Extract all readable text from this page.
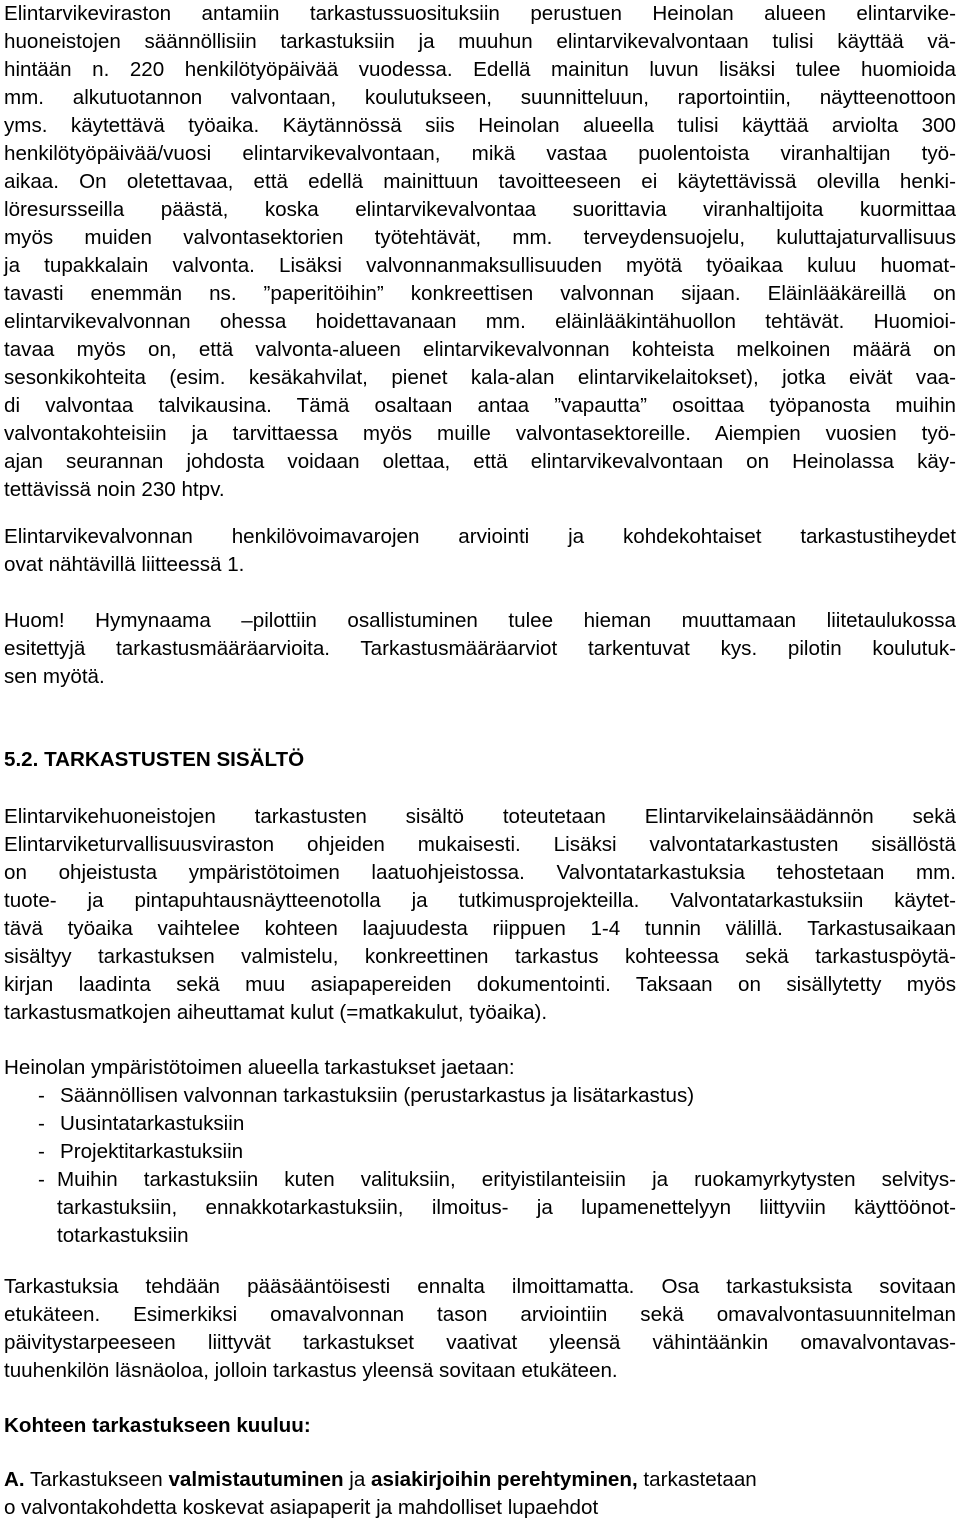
Elintarvikeviraston antamiin tarkastussuosituksiin perustuen Heinolan alueen elintarvike-
huoneistojen säännöllisiin tarkastuksiin ja muuhun elintarvikevalvontaan tulisi käyttää vä-
hintään n. 220 henkilötyöpäivää vuodessa. Edellä mainitun luvun lisäksi tulee huomioida
mm. alkutuotannon valvontaan, koulutukseen, suunnitteluun, raportointiin, näytteenottoon
yms. käytettävä työaika. Käytännössä siis Heinolan alueella tulisi käyttää arviolta 300
henkilötyöpäivää/vuosi elintarvikevalvontaan, mikä vastaa puolentoista viranhaltijan työ-
aikaa. On oletettavaa, että edellä mainittuun tavoitteeseen ei käytettävissä olevilla henki-
löresursseilla päästä, koska elintarvikevalvontaa suorittavia viranhaltijoita kuormittaa
myös muiden valvontasektorien työtehtävät, mm. terveydensuojelu, kuluttajaturvallisuus
ja tupakkalain valvonta. Lisäksi valvonnanmaksullisuuden myötä työaikaa kuluu huomat-
tavasti enemmän ns. ”paperitöihin” konkreettisen valvonnan sijaan. Eläinlääkäreillä on
elintarvikevalvonnan ohessa hoidettavanaan mm. eläinlääkintähuollon tehtävät. Huomioi-
tavaa myös on, että valvonta-alueen elintarvikevalvonnan kohteista melkoinen määrä on
sesonkikohteita (esim. kesäkahvilat, pienet kala-alan elintarvikelaitokset), jotka eivät vaa-
di valvontaa talvikausina. Tämä osaltaan antaa ”vapautta” osoittaa työpanosta muihin
valvontakohteisiin ja tarvittaessa myös muille valvontasektoreille. Aiempien vuosien työ-
ajan seurannan johdosta voidaan olettaa, että elintarvikevalvontaan on Heinolassa käy-
tettävissä noin 230 htpv.
Elintarvikevalvonnan henkilövoimavarojen arviointi ja kohdekohtaiset tarkastustiheydet
ovat nähtävillä liitteessä 1.
Huom! Hymynaama –pilottiin osallistuminen tulee hieman muuttamaan liitetaulukossa
esitettyjä tarkastusmääräarvioita. Tarkastusmääräarviot tarkentuvat kys. pilotin koulutuk-
sen myötä.
5.2. TARKASTUSTEN SISÄLTÖ
Elintarvikehuoneistojen tarkastusten sisältö toteutetaan Elintarvikelainsäädännön sekä
Elintarviketurvallisuusviraston ohjeiden mukaisesti. Lisäksi valvontatarkastusten sisällöstä
on ohjeistusta ympäristötoimen laatuohjeistossa. Valvontatarkastuksia tehostetaan mm.
tuote- ja pintapuhtausnäytteenotolla ja tutkimusprojekteilla. Valvontatarkastuksiin käytet-
tävä työaika vaihtelee kohteen laajuudesta riippuen 1-4 tunnin välillä. Tarkastusaikaan
sisältyy tarkastuksen valmistelu, konkreettinen tarkastus kohteessa sekä tarkastuspöytä-
kirjan laadinta sekä muu asiapapereiden dokumentointi. Taksaan on sisällytetty myös
tarkastusmatkojen aiheuttamat kulut (=matkakulut, työaika).
Heinolan ympäristötoimen alueella tarkastukset jaetaan:
- Säännöllisen valvonnan tarkastuksiin (perustarkastus ja lisätarkastus)
- Uusintatarkastuksiin
- Projektitarkastuksiin
- Muihin tarkastuksiin kuten valituksiin, erityistilanteisiin ja ruokamyrkytysten selvitys-
tarkastuksiin, ennakkotarkastuksiin, ilmoitus- ja lupamenettelyyn liittyviin käyttöönot-
totarkastuksiin
Tarkastuksia tehdään pääsääntöisesti ennalta ilmoittamatta. Osa tarkastuksista sovitaan
etukäteen. Esimerkiksi omavalvonnan tason arviointiin sekä omavalvontasuunnitelman
päivitystarpeeseen liittyvät tarkastukset vaativat yleensä vähintäänkin omavalvontavas-
tuuhenkilön läsnäoloa, jolloin tarkastus yleensä sovitaan etukäteen.
Kohteen tarkastukseen kuuluu:
A. Tarkastukseen valmistautuminen ja asiakirjoihin perehtyminen, tarkastetaan
o valvontakohdetta koskevat asiapaperit ja mahdolliset lupaehdot
